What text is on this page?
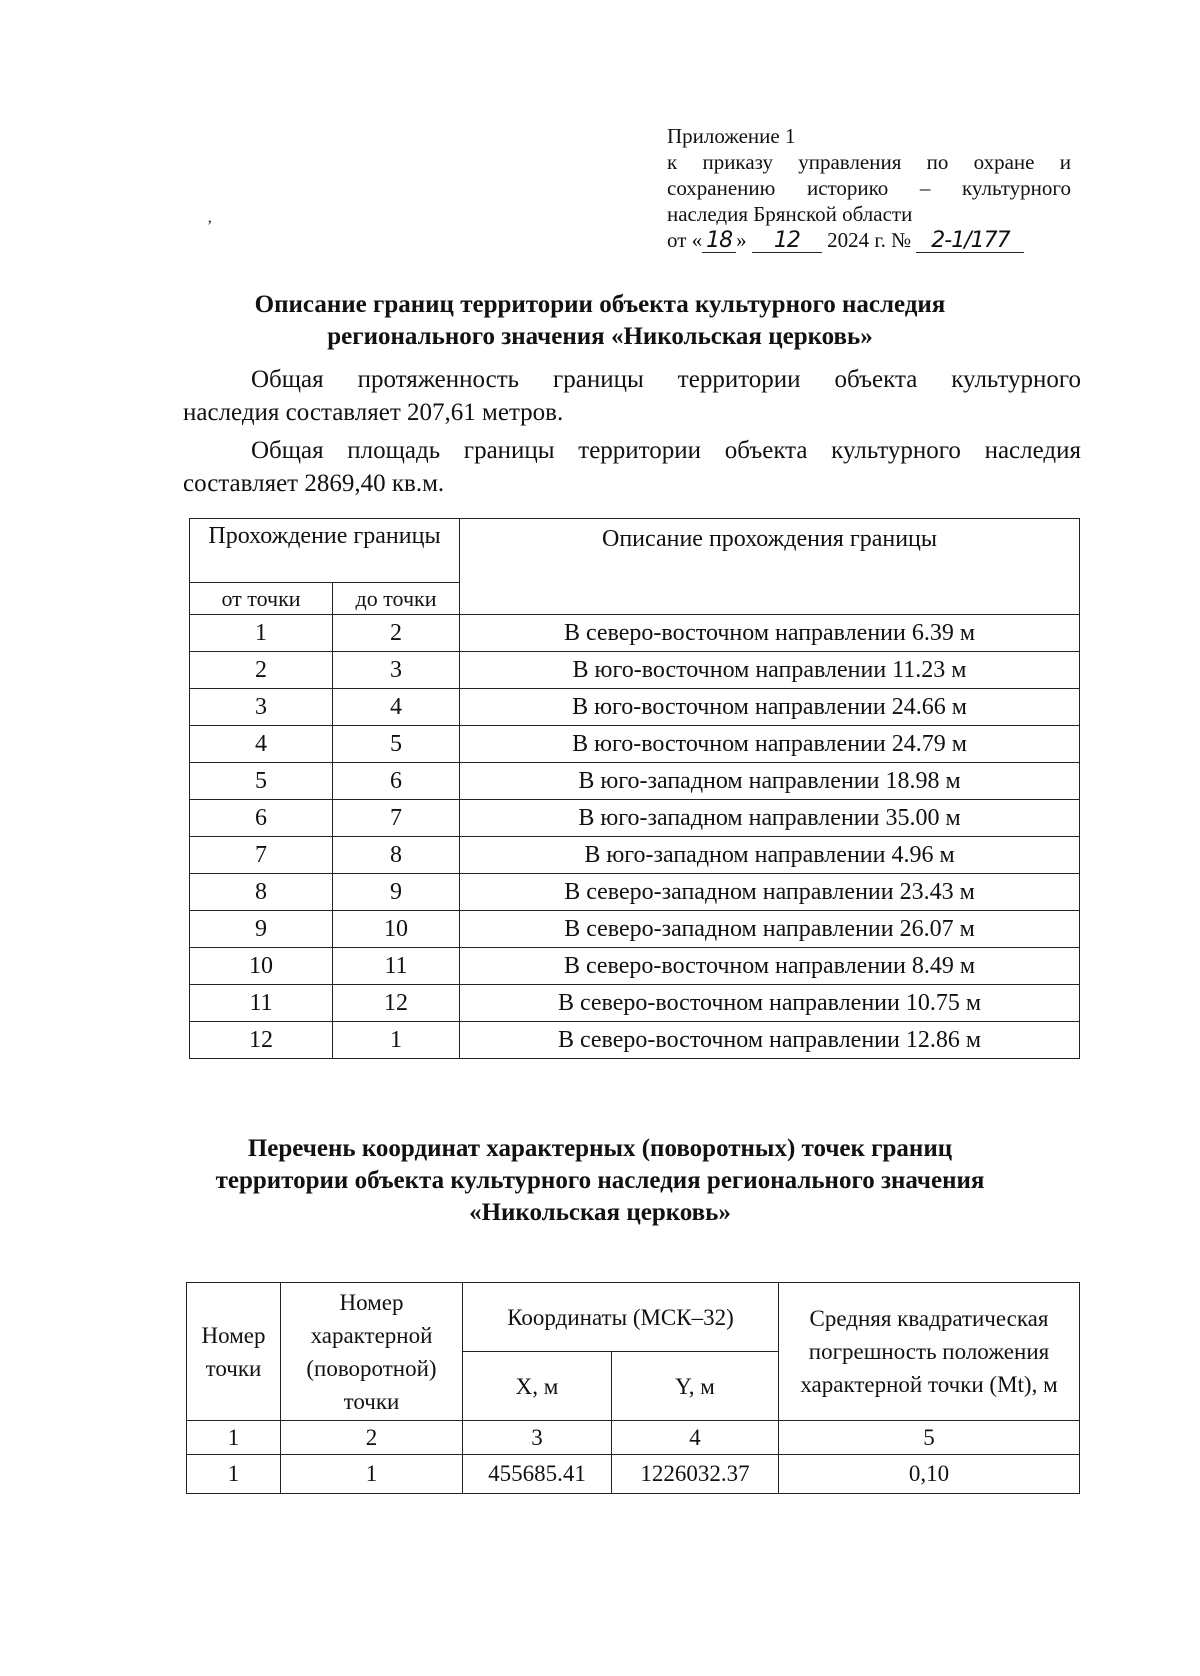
Приложение 1
к приказу управления по охране и
сохранению историко – культурного
наследия Брянской области
от « 18 » 12 2024 г. № 2-1/177
ʼ
Описание границ территории объекта культурного наследия
регионального значения «Никольская церковь»
Общая протяженность границы территории объекта культурного
наследия составляет 207,61 метров.
Общая площадь границы территории объекта культурного наследия
составляет 2869,40 кв.м.
Прохождение границы		Описание прохождения границы
от точки	до точки	
1	2	В северо-восточном направлении 6.39 м
2	3	В юго-восточном направлении 11.23 м
3	4	В юго-восточном направлении 24.66 м
4	5	В юго-восточном направлении 24.79 м
5	6	В юго-западном направлении 18.98 м
6	7	В юго-западном направлении 35.00 м
7	8	В юго-западном направлении 4.96 м
8	9	В северо-западном направлении 23.43 м
9	10	В северо-западном направлении 26.07 м
10	11	В северо-восточном направлении 8.49 м
11	12	В северо-восточном направлении 10.75 м
12	1	В северо-восточном направлении 12.86 м
Перечень координат характерных (поворотных) точек границ
территории объекта культурного наследия регионального значения
«Никольская церковь»
Номер точки	Номер характерной (поворотной) точки	Координаты (МСК–32)		Средняя квадратическая погрешность положения характерной точки (Mt), м
		X, м	Y, м	
1	2	3	4	5
1	1	455685.41	1226032.37	0,10
